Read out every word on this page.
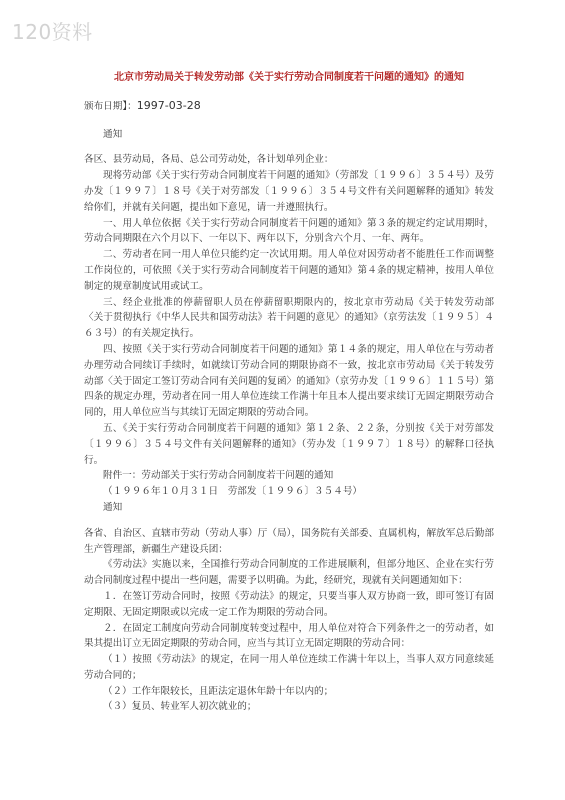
120资料
北京市劳动局关于转发劳动部《关于实行劳动合同制度若干问题的通知》的通知
颁布日期】：1997-03-28
通知
各区、县劳动局，各局、总公司劳动处，各计划单列企业：
现将劳动部《关于实行劳动合同制度若干问题的通知》（劳部发〔１９９６〕３５４号）及劳办发〔１９９７〕１８号《关于对劳部发〔１９９６〕３５４号文件有关问题解释的通知》转发给你们，并就有关问题，提出如下意见，请一并遵照执行。
一、用人单位依据《关于实行劳动合同制度若干问题的通知》第３条的规定约定试用期时，劳动合同期限在六个月以下、一年以下、两年以下，分别含六个月、一年、两年。
二、劳动者在同一用人单位只能约定一次试用期。用人单位对因劳动者不能胜任工作而调整工作岗位的，可依照《关于实行劳动合同制度若干问题的通知》第４条的规定精神，按用人单位制定的规章制度试用或试工。
三、经企业批准的停薪留职人员在停薪留职期限内的，按北京市劳动局《关于转发劳动部〈关于贯彻执行《中华人民共和国劳动法》若干问题的意见〉的通知》（京劳法发〔１９９５〕４６３号）的有关规定执行。
四、按照《关于实行劳动合同制度若干问题的通知》第１４条的规定，用人单位在与劳动者办理劳动合同续订手续时，如就续订劳动合同的期限协商不一致，按北京市劳动局《关于转发劳动部〈关于固定工签订劳动合同有关问题的复函〉的通知》（京劳办发〔１９９６〕１１５号）第四条的规定办理，劳动者在同一用人单位连续工作满十年且本人提出要求续订无固定期限劳动合同的，用人单位应当与其续订无固定期限的劳动合同。
五、《关于实行劳动合同制度若干问题的通知》第１２条、２２条，分别按《关于对劳部发〔１９９６〕３５４号文件有关问题解释的通知》（劳办发〔１９９７〕１８号）的解释口径执行。
附件一：劳动部关于实行劳动合同制度若干问题的通知
（１９９６年１０月３１日　劳部发〔１９９６〕３５４号）
通知
各省、自治区、直辖市劳动（劳动人事）厅（局），国务院有关部委、直属机构，解放军总后勤部生产管理部，新疆生产建设兵团：
《劳动法》实施以来，全国推行劳动合同制度的工作进展顺利，但部分地区、企业在实行劳动合同制度过程中提出一些问题，需要予以明确。为此，经研究，现就有关问题通知如下：
１．在签订劳动合同时，按照《劳动法》的规定，只要当事人双方协商一致，即可签订有固定期限、无固定期限或以完成一定工作为期限的劳动合同。
２．在固定工制度向劳动合同制度转变过程中，用人单位对符合下列条件之一的劳动者，如果其提出订立无固定期限的劳动合同，应当与其订立无固定期限的劳动合同：
（１）按照《劳动法》的规定，在同一用人单位连续工作满十年以上，当事人双方同意续延劳动合同的；
（２）工作年限较长，且距法定退休年龄十年以内的；
（３）复员、转业军人初次就业的；
